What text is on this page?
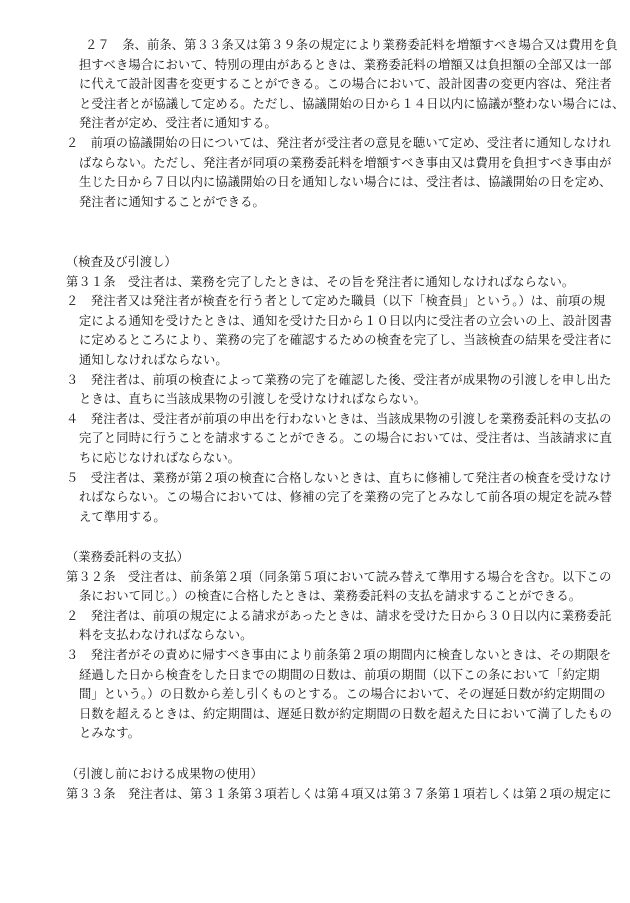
２７　条、前条、第３３条又は第３９条の規定により業務委託料を増額すべき場合又は費用を負
担すべき場合において、特別の理由があるときは、業務委託料の増額又は負担額の全部又は一部
に代えて設計図書を変更することができる。この場合において、設計図書の変更内容は、発注者
と受注者とが協議して定める。ただし、協議開始の日から１４日以内に協議が整わない場合には、
発注者が定め、受注者に通知する。
２　前項の協議開始の日については、発注者が受注者の意見を聴いて定め、受注者に通知しなけれ
ばならない。ただし、発注者が同項の業務委託料を増額すべき事由又は費用を負担すべき事由が
生じた日から７日以内に協議開始の日を通知しない場合には、受注者は、協議開始の日を定め、
発注者に通知することができる。
（検査及び引渡し）
第３１条　受注者は、業務を完了したときは、その旨を発注者に通知しなければならない。
２　発注者又は発注者が検査を行う者として定めた職員（以下「検査員」という。）は、前項の規
定による通知を受けたときは、通知を受けた日から１０日以内に受注者の立会いの上、設計図書
に定めるところにより、業務の完了を確認するための検査を完了し、当該検査の結果を受注者に
通知しなければならない。
３　発注者は、前項の検査によって業務の完了を確認した後、受注者が成果物の引渡しを申し出た
ときは、直ちに当該成果物の引渡しを受けなければならない。
４　発注者は、受注者が前項の申出を行わないときは、当該成果物の引渡しを業務委託料の支払の
完了と同時に行うことを請求することができる。この場合においては、受注者は、当該請求に直
ちに応じなければならない。
５　受注者は、業務が第２項の検査に合格しないときは、直ちに修補して発注者の検査を受けなけ
ればならない。この場合においては、修補の完了を業務の完了とみなして前各項の規定を読み替
えて準用する。
（業務委託料の支払）
第３２条　受注者は、前条第２項（同条第５項において読み替えて準用する場合を含む。以下この
条において同じ。）の検査に合格したときは、業務委託料の支払を請求することができる。
２　発注者は、前項の規定による請求があったときは、請求を受けた日から３０日以内に業務委託
料を支払わなければならない。
３　発注者がその責めに帰すべき事由により前条第２項の期間内に検査しないときは、その期限を
経過した日から検査をした日までの期間の日数は、前項の期間（以下この条において「約定期
間」という。）の日数から差し引くものとする。この場合において、その遅延日数が約定期間の
日数を超えるときは、約定期間は、遅延日数が約定期間の日数を超えた日において満了したもの
とみなす。
（引渡し前における成果物の使用）
第３３条　発注者は、第３１条第３項若しくは第４項又は第３７条第１項若しくは第２項の規定に
